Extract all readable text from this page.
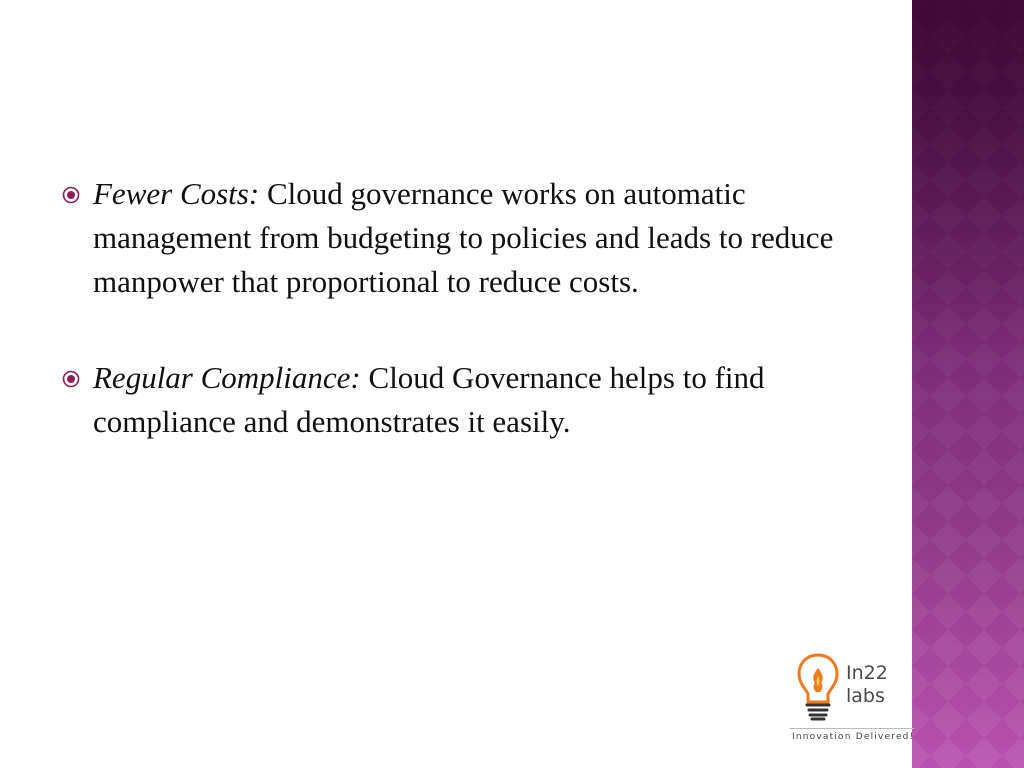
Fewer Costs: Cloud governance works on automatic management from budgeting to policies and leads to reduce manpower that proportional to reduce costs.
Regular Compliance: Cloud Governance helps to find compliance and demonstrates it easily.
In22
labs
Innovation Delivered!
